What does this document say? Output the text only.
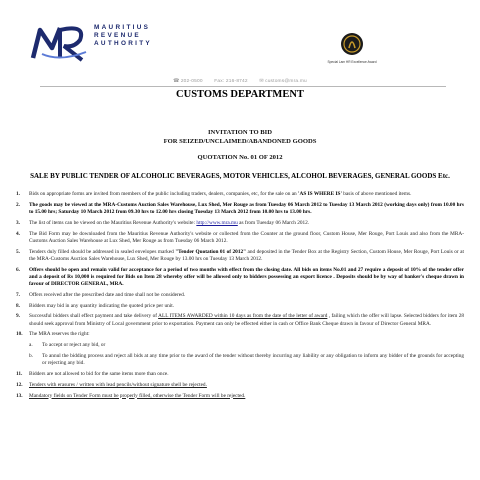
MAURITIUS
REVENUE
AUTHORITY
Special Lam HR Excellence Award
☎ 202-0500 Fax: 216-8742 ✉ customs@mra.mu
CUSTOMS DEPARTMENT
INVITATION TO BID
FOR SEIZED/UNCLAIMED/ABANDONED GOODS
QUOTATION No. 01 OF 2012
SALE BY PUBLIC TENDER OF ALCOHOLIC BEVERAGES, MOTOR VEHICLES, ALCOHOL BEVERAGES, GENERAL GOODS Etc.
1.	Bids on appropriate forms are invited from members of the public including traders, dealers, companies, etc, for the sale on an 'AS IS WHERE IS' basis of above mentioned items.
2.	The goods may be viewed at the MRA-Customs Auction Sales Warehouse, Lux Shed, Mer Rouge as from Tuesday 06 March 2012 to Tuesday 13 March 2012 (working days only) from 10.00 hrs to 15.00 hrs; Saturday 10 March 2012 from 09.30 hrs to 12.00 hrs closing Tuesday 13 March 2012 from 10.00 hrs to 13.00 hrs.
3.	The list of items can be viewed on the Mauritius Revenue Authority's website: http://www.mra.mu as from Tuesday 06 March 2012.
4.	The Bid Form may be downloaded from the Mauritius Revenue Authority's website or collected from the Counter at the ground floor, Custom House, Mer Rouge, Port Louis and also from the MRA-Customs Auction Sales Warehouse at Lux Shed, Mer Rouge as from Tuesday 06 March 2012.
5.	Tenders duly filled should be addressed in sealed envelopes marked "Tender Quotation 01 of 2012" and deposited in the Tender Box at the Registry Section, Custom House, Mer Rouge, Port Louis or at the MRA-Customs Auction Sales Warehouse, Lux Shed, Mer Rouge by 13.00 hrs on Tuesday 13 March 2012.
6.	Offers should be open and remain valid for acceptance for a period of two months with effect from the closing date. All bids on items No.01 and 27 require a deposit of 10% of the tender offer and a deposit of Rs 10,000 is required for Bids on Item 28 whereby offer will be allowed only to bidders possessing an export licence . Deposits should be by way of banker's cheque drawn in favour of DIRECTOR GENERAL, MRA.
7.	Offers received after the prescribed date and time shall not be considered.
8.	Bidders may bid in any quantity indicating the quoted price per unit.
9.	Successful bidders shall effect payment and take delivery of ALL ITEMS AWARDED within 10 days as from the date of the letter of award , failing which the offer will lapse. Selected bidders for item 28 should seek approval from Ministry of Local government prior to exportation. Payment can only be effected either in cash or Office Bank Cheque drawn in favour of Director General MRA.
10.	The MRA reserves the right:
a.	To accept or reject any bid, or
b.	To annul the bidding process and reject all bids at any time prior to the award of the tender without thereby incurring any liability or any obligation to inform any bidder of the grounds for accepting or rejecting any bid.
11.	Bidders are not allowed to bid for the same items more than once.
12.	Tenders with erasures / written with lead pencils/without signature shell be rejected.
13.	Mandatory fields on Tender Form must be properly filled, otherwise the Tender Form will be rejected.
